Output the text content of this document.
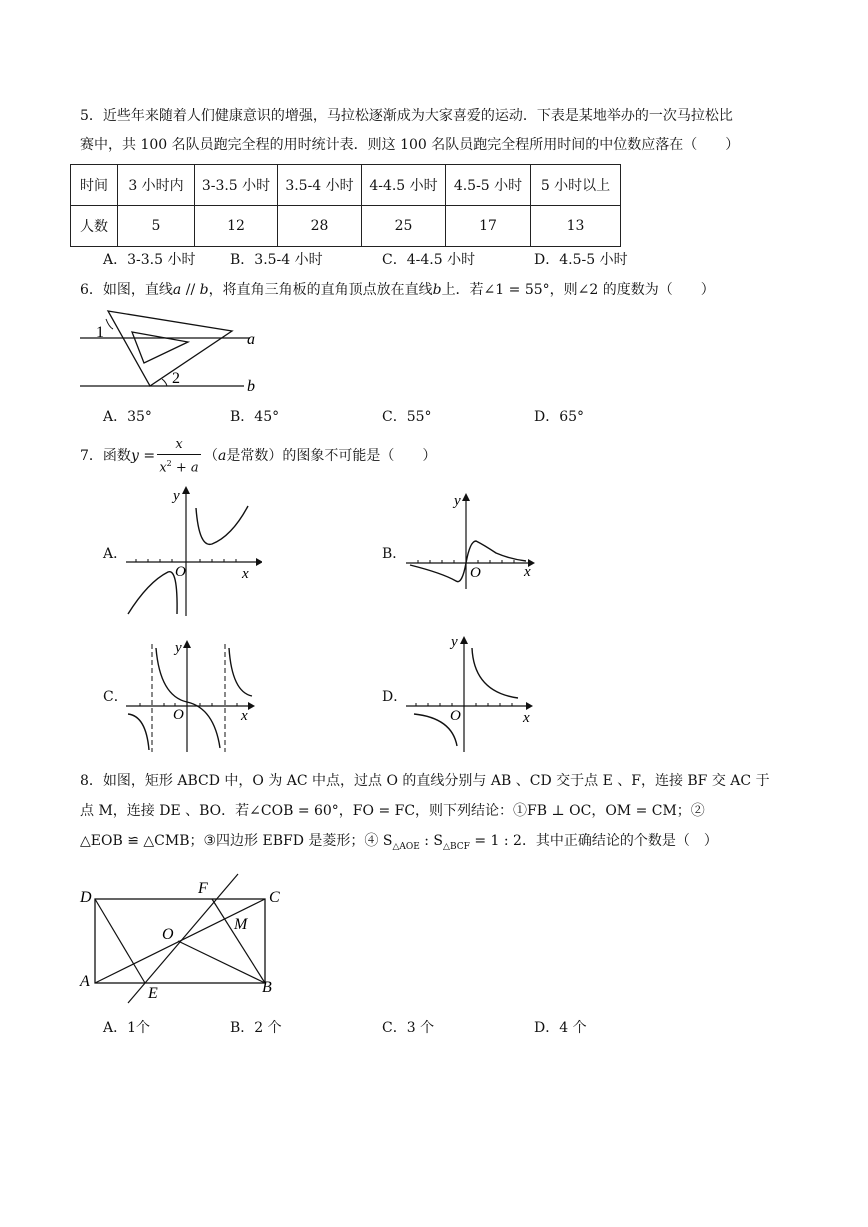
5．近些年来随着人们健康意识的增强，马拉松逐渐成为大家喜爱的运动．下表是某地举办的一次马拉松比
赛中，共 100 名队员跑完全程的用时统计表．则这 100 名队员跑完全程所用时间的中位数应落在（　　）
时间	3 小时内	3-3.5 小时	3.5-4 小时	4-4.5 小时	4.5-5 小时	5 小时以上
人数	5	12	28	25	17	13
A．3-3.5 小时 B．3.5-4 小时	C．4-4.5 小时	D．4.5-5 小时
6．如图，直线a // b，将直角三角板的直角顶点放在直线b上．若∠1 = 55°，则∠2 的度数为（　　）
1
2
a
b
A．35°	B．45°	C．55°	D．65°
7．函数 $y = \frac{x}{x^2 + a} (a$是常数）的图象不可能是（　　）
A．
O	x
y
B．
O	x
y
C．
O	x
y
D．
O	x
y
8．如图，矩形 ABCD 中，O 为 AC 中点，过点 O 的直线分别与 AB 、CD 交于点 E 、F，连接 BF 交 AC 于
点 M，连接 DE 、BO．若∠COB = 60°，FO = FC，则下列结论：①FB ⊥ OC，OM = CM；②
△EOB ≌ △CMB；③四边形 EBFD 是菱形；④ $S_{\triangle AOE}$ : $S_{\triangle BCF} = 1$ : 2．其中正确结论的个数是（　）
D	C
A	B
E
F
O
M
A．1个	B．2 个	C．3 个	D．4 个
